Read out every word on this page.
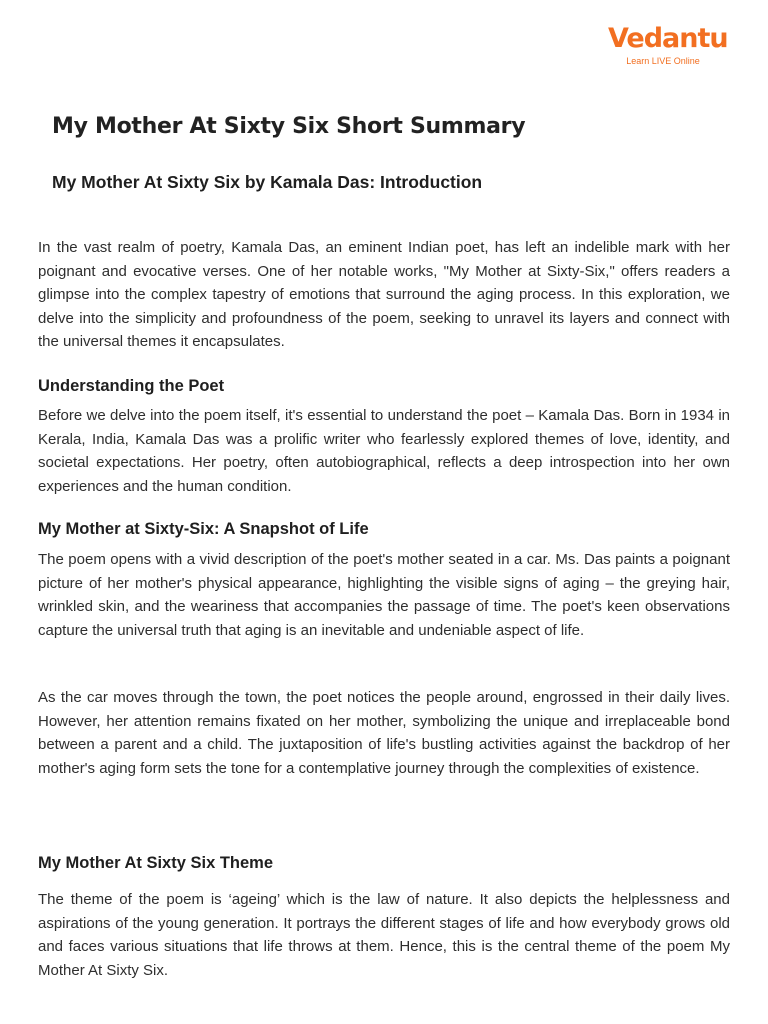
Vedantu
Learn LIVE Online
My Mother At Sixty Six Short Summary
My Mother At Sixty Six by Kamala Das: Introduction

In the vast realm of poetry, Kamala Das, an eminent Indian poet, has left an indelible mark with her poignant and evocative verses. One of her notable works, "My Mother at Sixty-Six," offers readers a glimpse into the complex tapestry of emotions that surround the aging process. In this exploration, we delve into the simplicity and profoundness of the poem, seeking to unravel its layers and connect with the universal themes it encapsulates.

Understanding the Poet

Before we delve into the poem itself, it's essential to understand the poet – Kamala Das. Born in 1934 in Kerala, India, Kamala Das was a prolific writer who fearlessly explored themes of love, identity, and societal expectations. Her poetry, often autobiographical, reflects a deep introspection into her own experiences and the human condition.

My Mother at Sixty-Six: A Snapshot of Life

The poem opens with a vivid description of the poet's mother seated in a car. Ms. Das paints a poignant picture of her mother's physical appearance, highlighting the visible signs of aging – the greying hair, wrinkled skin, and the weariness that accompanies the passage of time. The poet's keen observations capture the universal truth that aging is an inevitable and undeniable aspect of life.

As the car moves through the town, the poet notices the people around, engrossed in their daily lives. However, her attention remains fixated on her mother, symbolizing the unique and irreplaceable bond between a parent and a child. The juxtaposition of life's bustling activities against the backdrop of her mother's aging form sets the tone for a contemplative journey through the complexities of existence.

My Mother At Sixty Six Theme

The theme of the poem is ‘ageing’ which is the law of nature. It also depicts the helplessness and aspirations of the young generation. It portrays the different stages of life and how everybody grows old and faces various situations that life throws at them. Hence, this is the central theme of the poem My Mother At Sixty Six.
